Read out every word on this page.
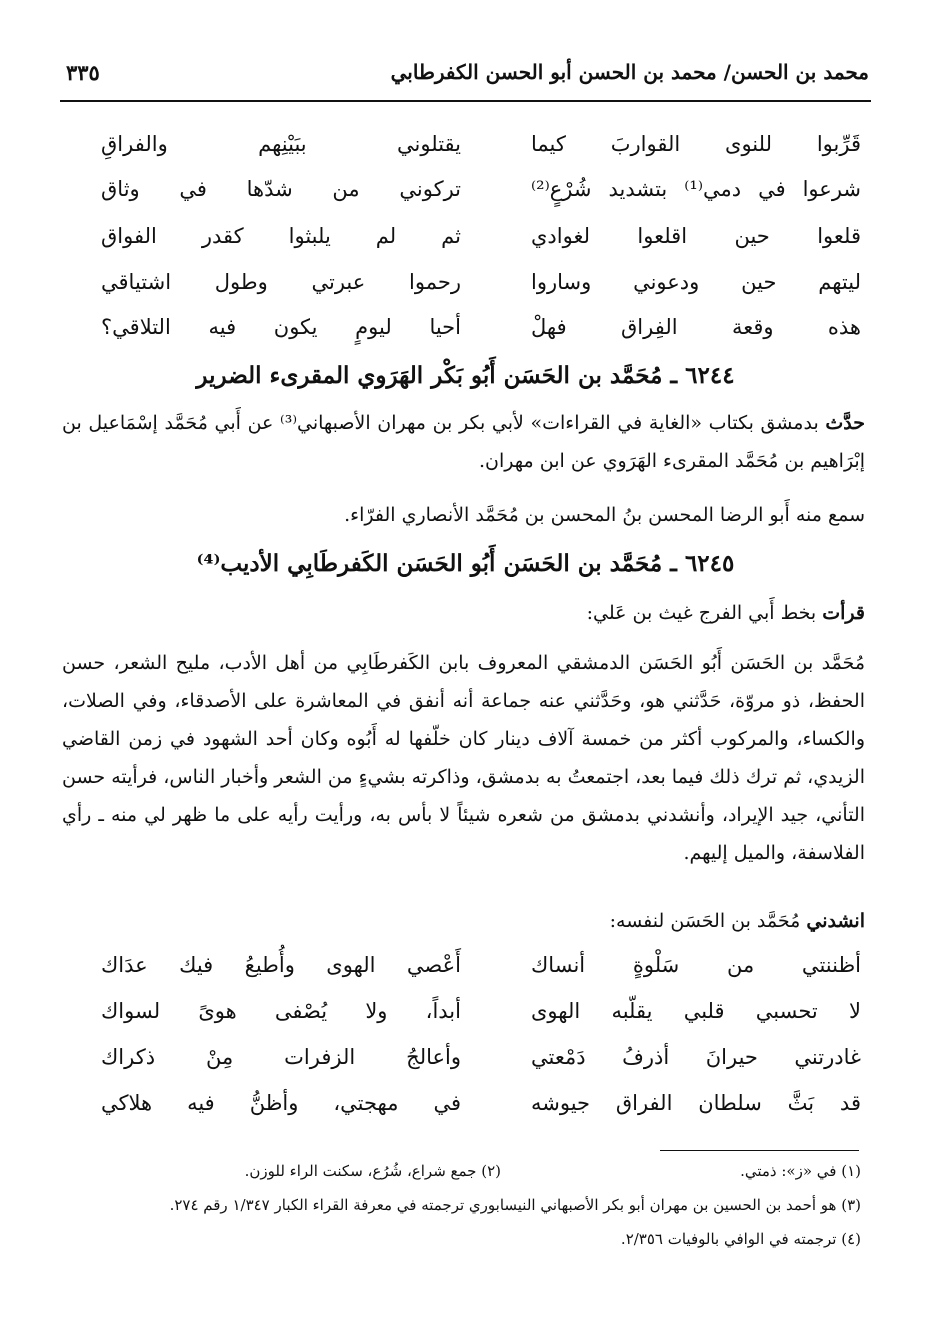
محمد بن الحسن/ محمد بن الحسن أبو الحسن الكفرطابي
٣٣٥
قَرِّبوا للنوى القواربَ كيما
يقتلوني ببَيْنِهم والفراقِ
شرعوا في دمي⁽¹⁾ بتشديد شُرْعٍ⁽²⁾
تركوني من شدّها في وثاق
قلعوا حين اقلعوا لغوادي
ثم لم يلبثوا كقدر الفواق
ليتهم حين ودعوني وساروا
رحموا عبرتي وطول اشتياقي
هذه وقعة الفِراق فهلْ
أحيا ليومٍ يكون فيه التلاقي؟
٦٢٤٤ ـ مُحَمَّد بن الحَسَن أَبُو بَكْر الهَرَوي المقرىء الضرير
حدَّث بدمشق بكتاب «الغاية في القراءات» لأبي بكر بن مهران الأصبهاني⁽³⁾ عن أَبي مُحَمَّد إسْمَاعيل بن إبْرَاهيم بن مُحَمَّد المقرىء الهَرَوي عن ابن مهران.
سمع منه أَبو الرضا المحسن بنُ المحسن بن مُحَمَّد الأنصاري الفرّاء.
٦٢٤٥ ـ مُحَمَّد بن الحَسَن أَبُو الحَسَن الكَفرطَابِي الأديب⁽⁴⁾
قرأت بخط أَبي الفرج غيث بن عَلي:
مُحَمَّد بن الحَسَن أَبُو الحَسَن الدمشقي المعروف بابن الكَفرطَابِي من أهل الأدب، مليح الشعر، حسن الحفظ، ذو مروّة، حَدَّثني هو، وحَدَّثني عنه جماعة أنه أنفق في المعاشرة على الأصدقاء، وفي الصلات، والكساء، والمركوب أكثر من خمسة آلاف دينار كان خلّفها له أَبُوه وكان أحد الشهود في زمن القاضي الزيدي، ثم ترك ذلك فيما بعد، اجتمعتُ به بدمشق، وذاكرته بشيءٍ من الشعر وأخبار الناس، فرأيته حسن التأني، جيد الإيراد، وأنشدني بدمشق من شعره شيئاً لا بأس به، ورأيت رأيه على ما ظهر لي منه ـ رأي الفلاسفة، والميل إليهم.
انشدني مُحَمَّد بن الحَسَن لنفسه:
أظننتي من سَلْوةٍ أنساك
أَعْصي الهوى وأُطيعُ فيك عدَاك
لا تحسبي قلبي يقلّبه الهوى
أبداً، ولا يُصْفى هوىً لسواك
غادرتني حيرانَ أذرفُ دَمْعتي
وأعالجُ الزفرات مِنْ ذكراك
قد بَثَّ سلطان الفراق جيوشه
في مهجتي، وأظنُّ فيه هلاكي
(١) في «ز»: ذمتي.
(٢) جمع شراع، شُرُع، سكنت الراء للوزن.
(٣) هو أحمد بن الحسين بن مهران أبو بكر الأصبهاني النيسابوري ترجمته في معرفة القراء الكبار ١/٣٤٧ رقم ٢٧٤.
(٤) ترجمته في الوافي بالوفيات ٢/٣٥٦.
